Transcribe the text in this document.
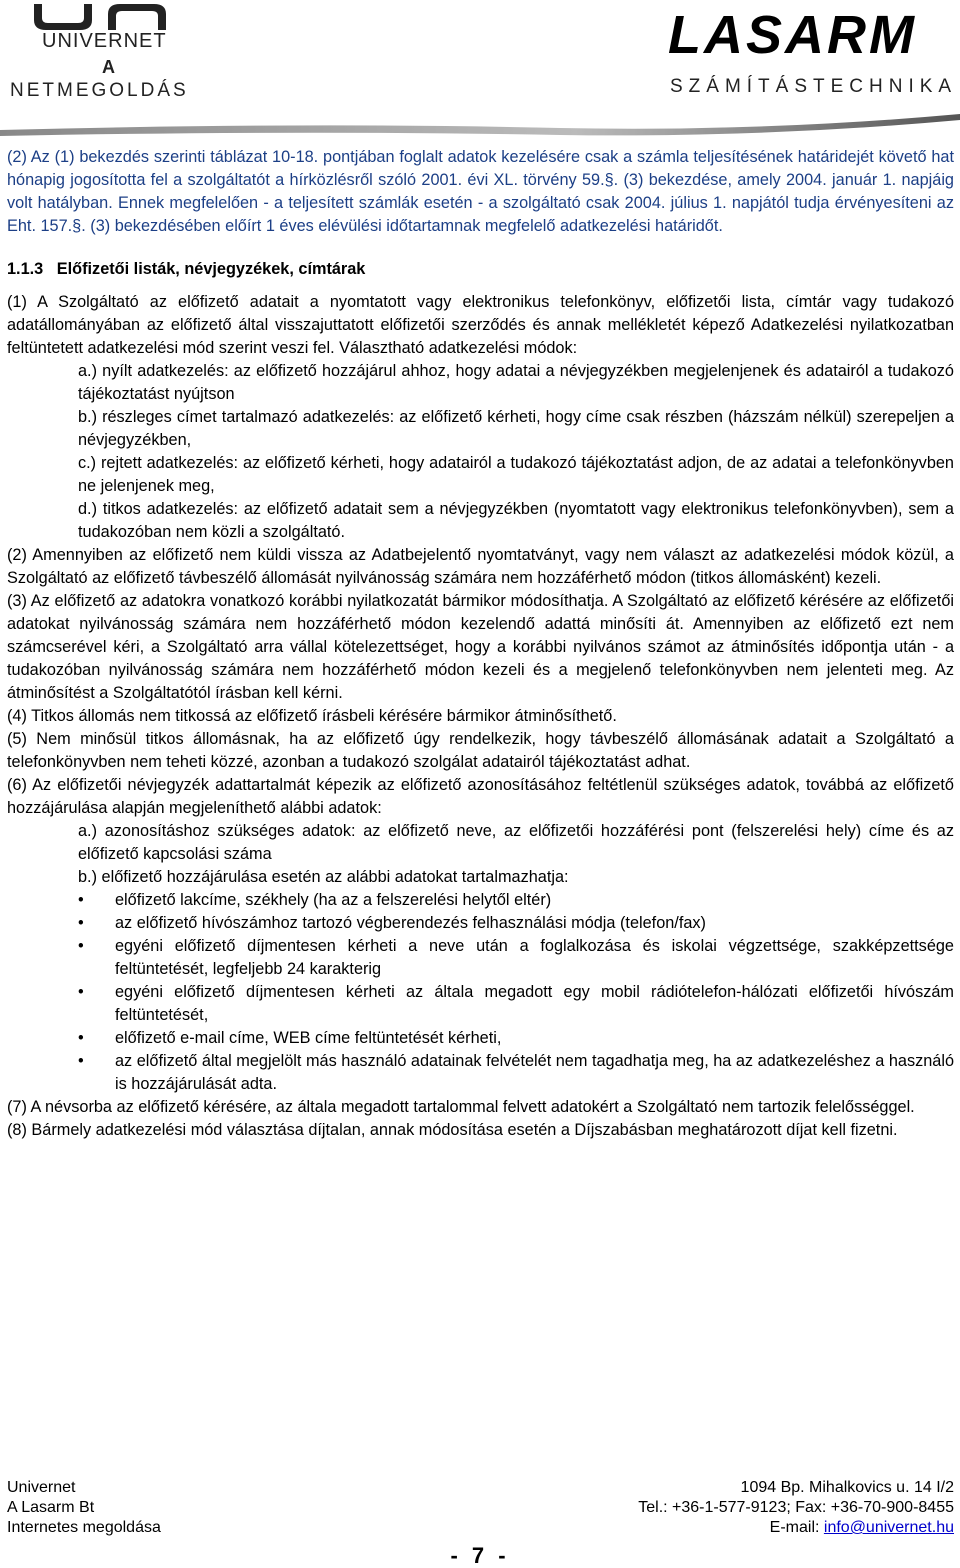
UNIVERNET
A
NETMEGOLDÁS
LASARM
SZÁMÍTÁSTECHNIKA

(2) Az (1) bekezdés szerinti táblázat 10-18. pontjában foglalt adatok kezelésére csak a számla teljesítésének határidejét követő hat hónapig jogosította fel a szolgáltatót a hírközlésről szóló 2001. évi XL. törvény 59.§. (3) bekezdése, amely 2004. január 1. napjáig volt hatályban. Ennek megfelelően - a teljesített számlák esetén - a szolgáltató csak 2004. július 1. napjától tudja érvényesíteni az Eht. 157.§. (3) bekezdésében előírt 1 éves elévülési időtartamnak megfelelő adatkezelési határidőt.

1.1.3   Előfizetői listák, névjegyzékek, címtárak

(1) A Szolgáltató az előfizető adatait a nyomtatott vagy elektronikus telefonkönyv, előfizetői lista, címtár vagy tudakozó adatállományában az előfizető által visszajuttatott előfizetői szerződés és annak mellékletét képező Adatkezelési nyilatkozatban feltüntetett adatkezelési mód szerint veszi fel. Választható adatkezelési módok:

a.) nyílt adatkezelés: az előfizető hozzájárul ahhoz, hogy adatai a névjegyzékben megjelenjenek és adatairól a tudakozó tájékoztatást nyújtson

b.) részleges címet tartalmazó adatkezelés: az előfizető kérheti, hogy címe csak részben (házszám nélkül) szerepeljen a névjegyzékben,

c.) rejtett adatkezelés: az előfizető kérheti, hogy adatairól a tudakozó tájékoztatást adjon, de az adatai a telefonkönyvben ne jelenjenek meg,

d.) titkos adatkezelés: az előfizető adatait sem a névjegyzékben (nyomtatott vagy elektronikus telefonkönyvben), sem a tudakozóban nem közli a szolgáltató.

(2) Amennyiben az előfizető nem küldi vissza az Adatbejelentő nyomtatványt, vagy nem választ az adatkezelési módok közül, a Szolgáltató az előfizető távbeszélő állomását nyilvánosság számára nem hozzáférhető módon (titkos állomásként) kezeli.

(3) Az előfizető az adatokra vonatkozó korábbi nyilatkozatát bármikor módosíthatja. A Szolgáltató az előfizető kérésére az előfizetői adatokat nyilvánosság számára nem hozzáférhető módon kezelendő adattá minősíti át. Amennyiben az előfizető ezt nem számcserével kéri, a Szolgáltató arra vállal kötelezettséget, hogy a korábbi nyilvános számot az átminősítés időpontja után - a tudakozóban nyilvánosság számára nem hozzáférhető módon kezeli és a megjelenő telefonkönyvben nem jelenteti meg. Az átminősítést a Szolgáltatótól írásban kell kérni.

(4) Titkos állomás nem titkossá az előfizető írásbeli kérésére bármikor átminősíthető.

(5) Nem minősül titkos állomásnak, ha az előfizető úgy rendelkezik, hogy távbeszélő állomásának adatait a Szolgáltató a telefonkönyvben nem teheti közzé, azonban a tudakozó szolgálat adatairól tájékoztatást adhat.

(6) Az előfizetői névjegyzék adattartalmát képezik az előfizető azonosításához feltétlenül szükséges adatok, továbbá az előfizető hozzájárulása alapján megjeleníthető alábbi adatok:

a.) azonosításhoz szükséges adatok: az előfizető neve, az előfizetői hozzáférési pont (felszerelési hely) címe és az előfizető kapcsolási száma

b.) előfizető hozzájárulása esetén az alábbi adatokat tartalmazhatja:

• előfizető lakcíme, székhely (ha az a felszerelési helytől eltér)

• az előfizető hívószámhoz tartozó végberendezés felhasználási módja (telefon/fax)

• egyéni előfizető díjmentesen kérheti a neve után a foglalkozása és iskolai végzettsége, szakképzettsége feltüntetését, legfeljebb 24 karakterig

• egyéni előfizető díjmentesen kérheti az általa megadott egy mobil rádiótelefon-hálózati előfizetői hívószám feltüntetését,

• előfizető e-mail címe, WEB címe feltüntetését kérheti,

• az előfizető által megjelölt más használó adatainak felvételét nem tagadhatja meg, ha az adatkezeléshez a használó is hozzájárulását adta.

(7) A névsorba az előfizető kérésére, az általa megadott tartalommal felvett adatokért a Szolgáltató nem tartozik felelősséggel.

(8) Bármely adatkezelési mód választása díjtalan, annak módosítása esetén a Díjszabásban meghatározott díjat kell fizetni.

Univernet
A Lasarm Bt
Internetes megoldása
1094 Bp. Mihalkovics u. 14 I/2
Tel.: +36-1-577-9123; Fax: +36-70-900-8455
E-mail: info@univernet.hu
- 7 -
